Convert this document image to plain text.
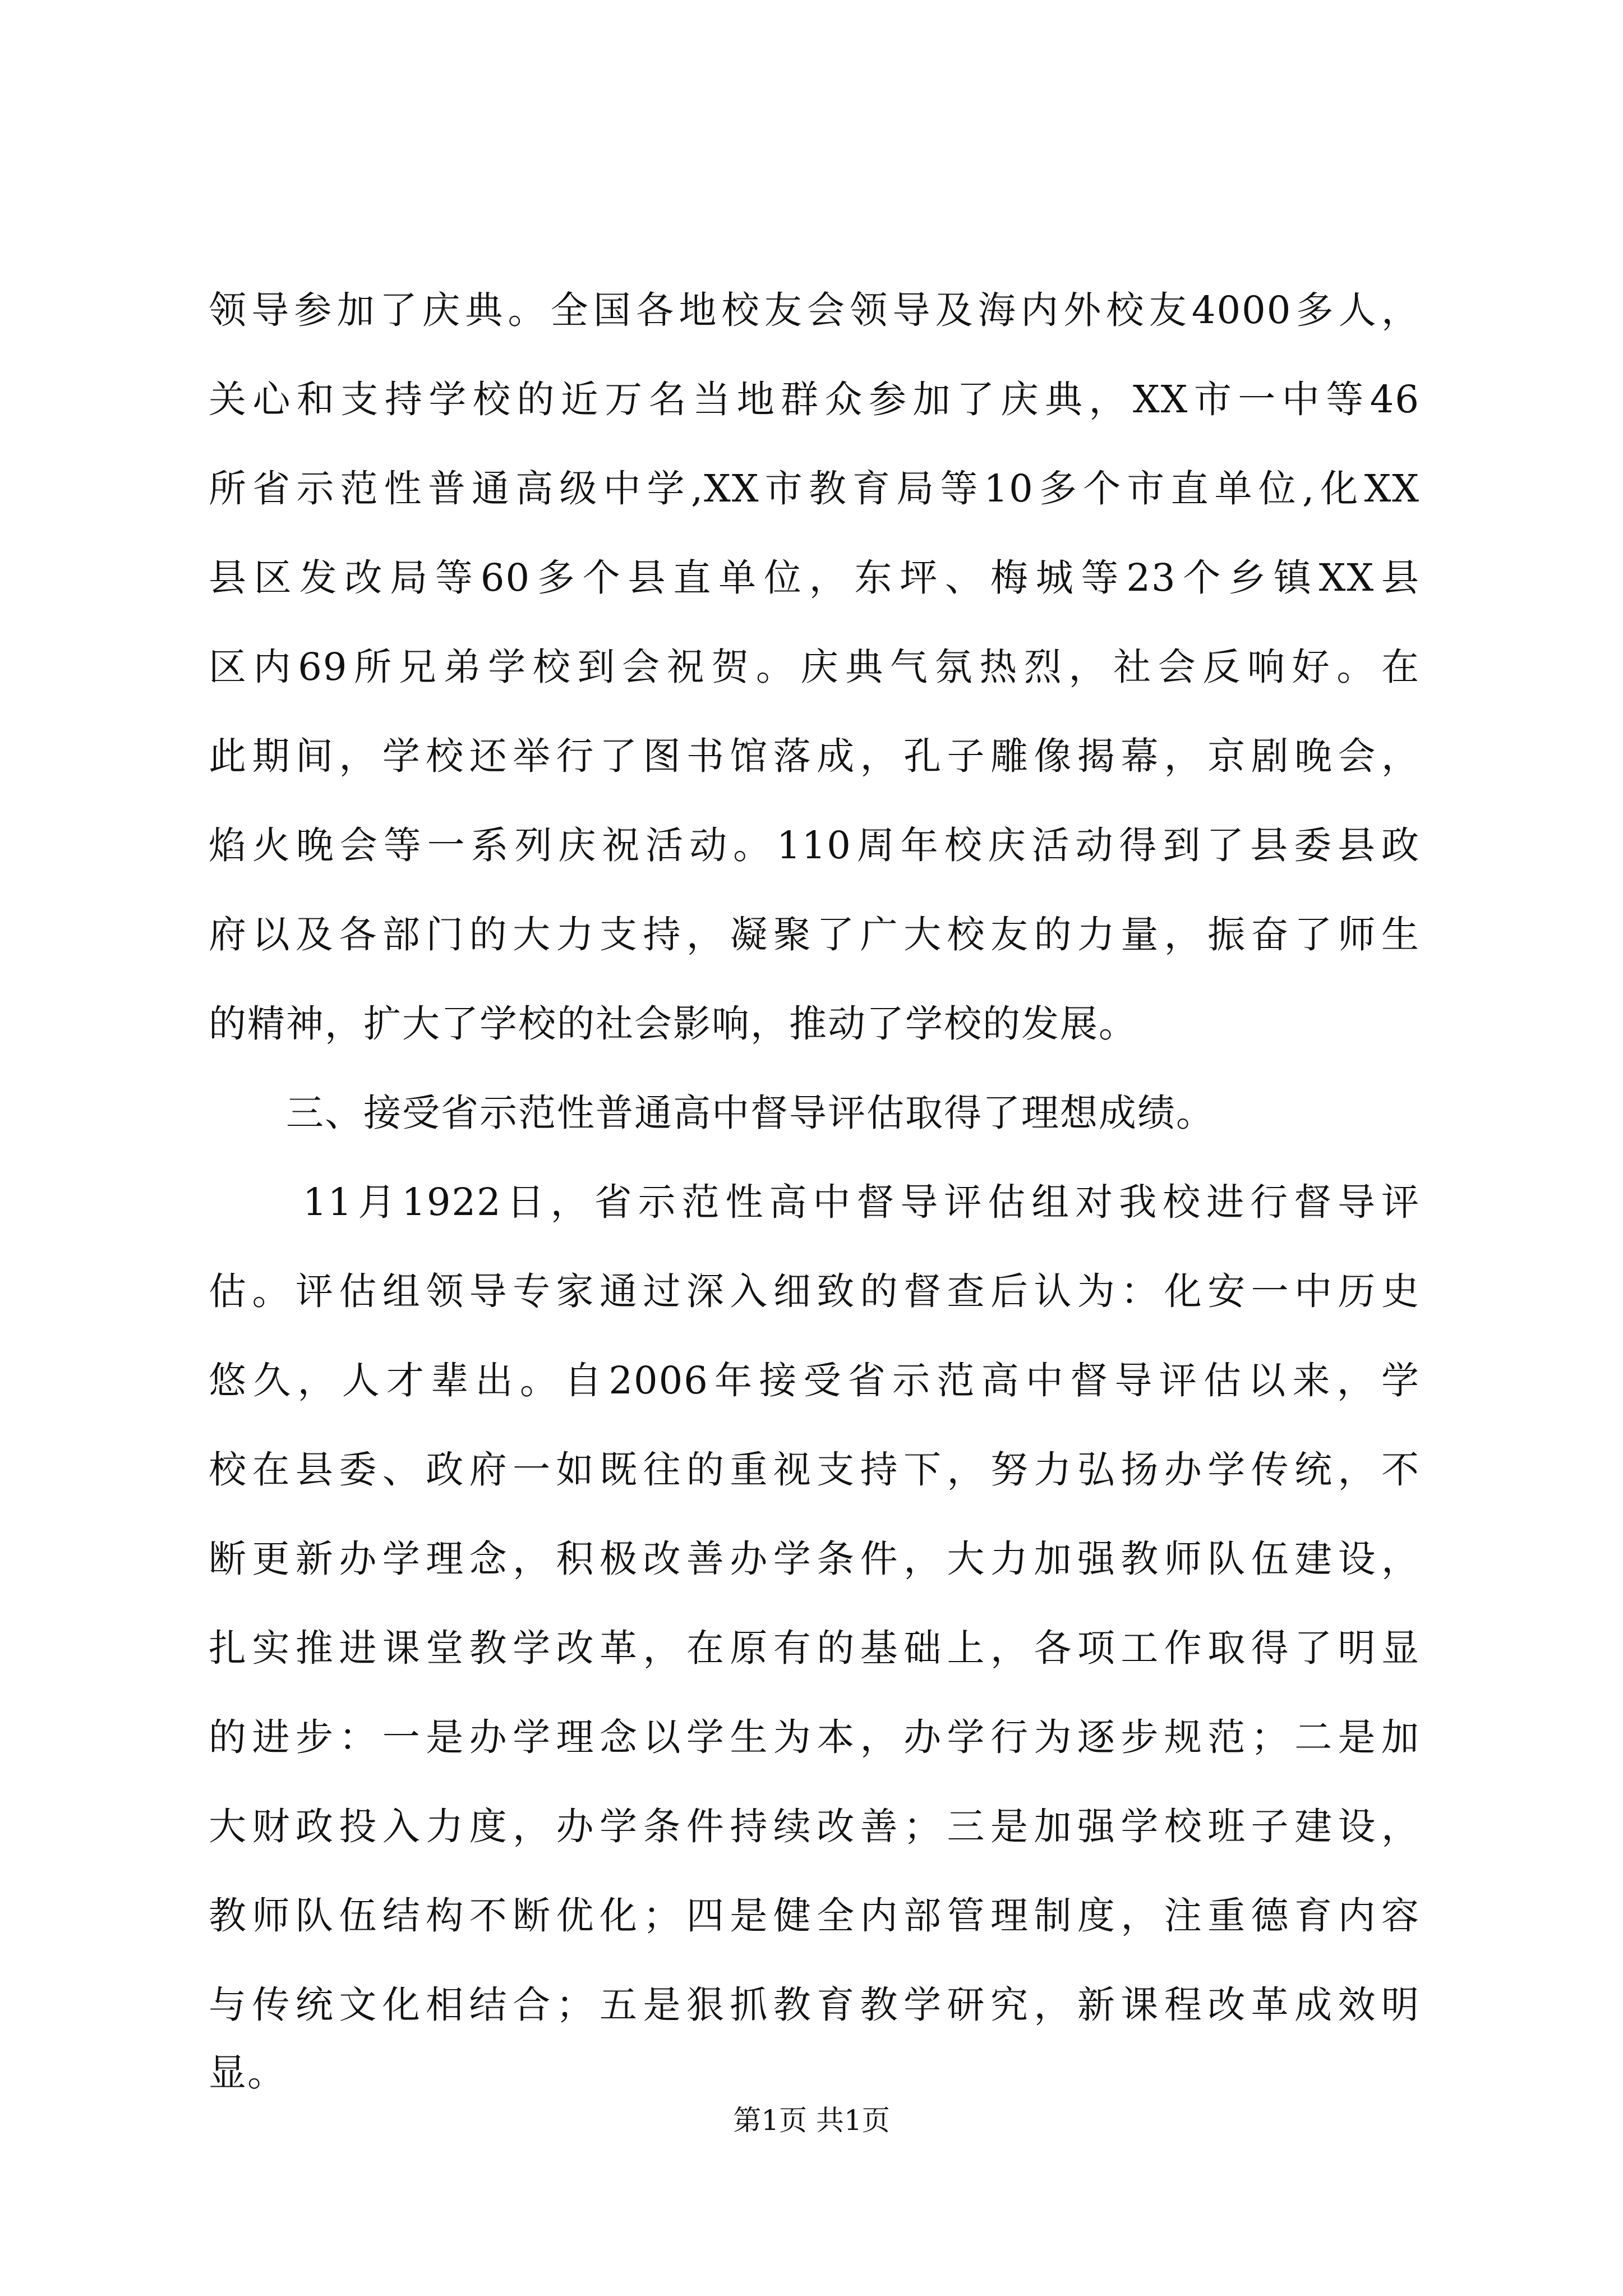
领导参加了庆典。全国各地校友会领导及海内外校友4000多人，
关心和支持学校的近万名当地群众参加了庆典，XX市一中等46
所省示范性普通高级中学,XX市教育局等10多个市直单位,化XX
县区发改局等60多个县直单位，东坪、梅城等23个乡镇XX县
区内69所兄弟学校到会祝贺。庆典气氛热烈，社会反响好。在
此期间，学校还举行了图书馆落成，孔子雕像揭幕，京剧晚会，
焰火晚会等一系列庆祝活动。110周年校庆活动得到了县委县政
府以及各部门的大力支持，凝聚了广大校友的力量，振奋了师生
的精神，扩大了学校的社会影响，推动了学校的发展。
三、接受省示范性普通高中督导评估取得了理想成绩。
11月1922日，省示范性高中督导评估组对我校进行督导评
估。评估组领导专家通过深入细致的督查后认为：化安一中历史
悠久，人才辈出。自2006年接受省示范高中督导评估以来，学
校在县委、政府一如既往的重视支持下，努力弘扬办学传统，不
断更新办学理念，积极改善办学条件，大力加强教师队伍建设，
扎实推进课堂教学改革，在原有的基础上，各项工作取得了明显
的进步：一是办学理念以学生为本，办学行为逐步规范；二是加
大财政投入力度，办学条件持续改善；三是加强学校班子建设，
教师队伍结构不断优化；四是健全内部管理制度，注重德育内容
与传统文化相结合；五是狠抓教育教学研究，新课程改革成效明
显。
第1页 共1页
